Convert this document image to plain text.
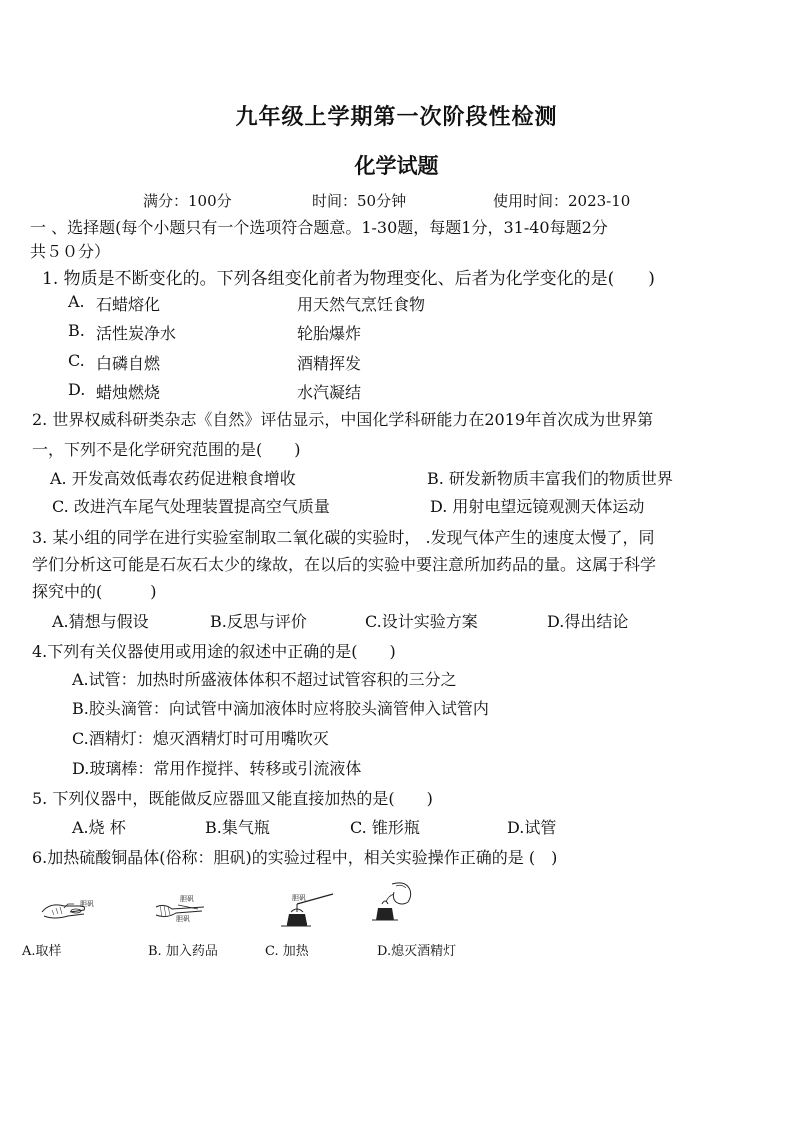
九年级上学期第一次阶段性检测
化学试题
满分：100分	时间：50分钟	使用时间：2023-10
一 、选择题(每个小题只有一个选项符合题意。1-30题，每题1分，31-40每题2分
共５０分）
1. 物质是不断变化的。下列各组变化前者为物理变化、后者为化学变化的是(　　)
A. 石蜡熔化	用天然气烹饪食物
B. 活性炭净水	轮胎爆炸
C. 白磷自燃	酒精挥发
D. 蜡烛燃烧	水汽凝结
2. 世界权威科研类杂志《自然》评估显示，中国化学科研能力在2019年首次成为世界第
一，下列不是化学研究范围的是(　　)
A. 开发高效低毒农药促进粮食增收	B. 研发新物质丰富我们的物质世界
C. 改进汽车尾气处理装置提高空气质量	D. 用射电望远镜观测天体运动
3. 某小组的同学在进行实验室制取二氧化碳的实验时， .发现气体产生的速度太慢了，同
学们分析这可能是石灰石太少的缘故，在以后的实验中要注意所加药品的量。这属于科学
探究中的(　　　)
A.猜想与假设	B.反思与评价	C.设计实验方案	D.得出结论
4.下列有关仪器使用或用途的叙述中正确的是(　　)
A.试管：加热时所盛液体体积不超过试管容积的三分之
B.胶头滴管：向试管中滴加液体时应将胶头滴管伸入试管内
C.酒精灯：熄灭酒精灯时可用嘴吹灭
D.玻璃棒：常用作搅拌、转移或引流液体
5. 下列仪器中，既能做反应器皿又能直接加热的是(　　)
A.烧 杯	B.集气瓶	C. 锥形瓶	D.试管
6.加热硫酸铜晶体(俗称：胆矾)的实验过程中，相关实验操作正确的是 (　)
胆矾
胆矾
胆矾
胆矾
A.取样	B. 加入药品	C. 加热	D.熄灭酒精灯
